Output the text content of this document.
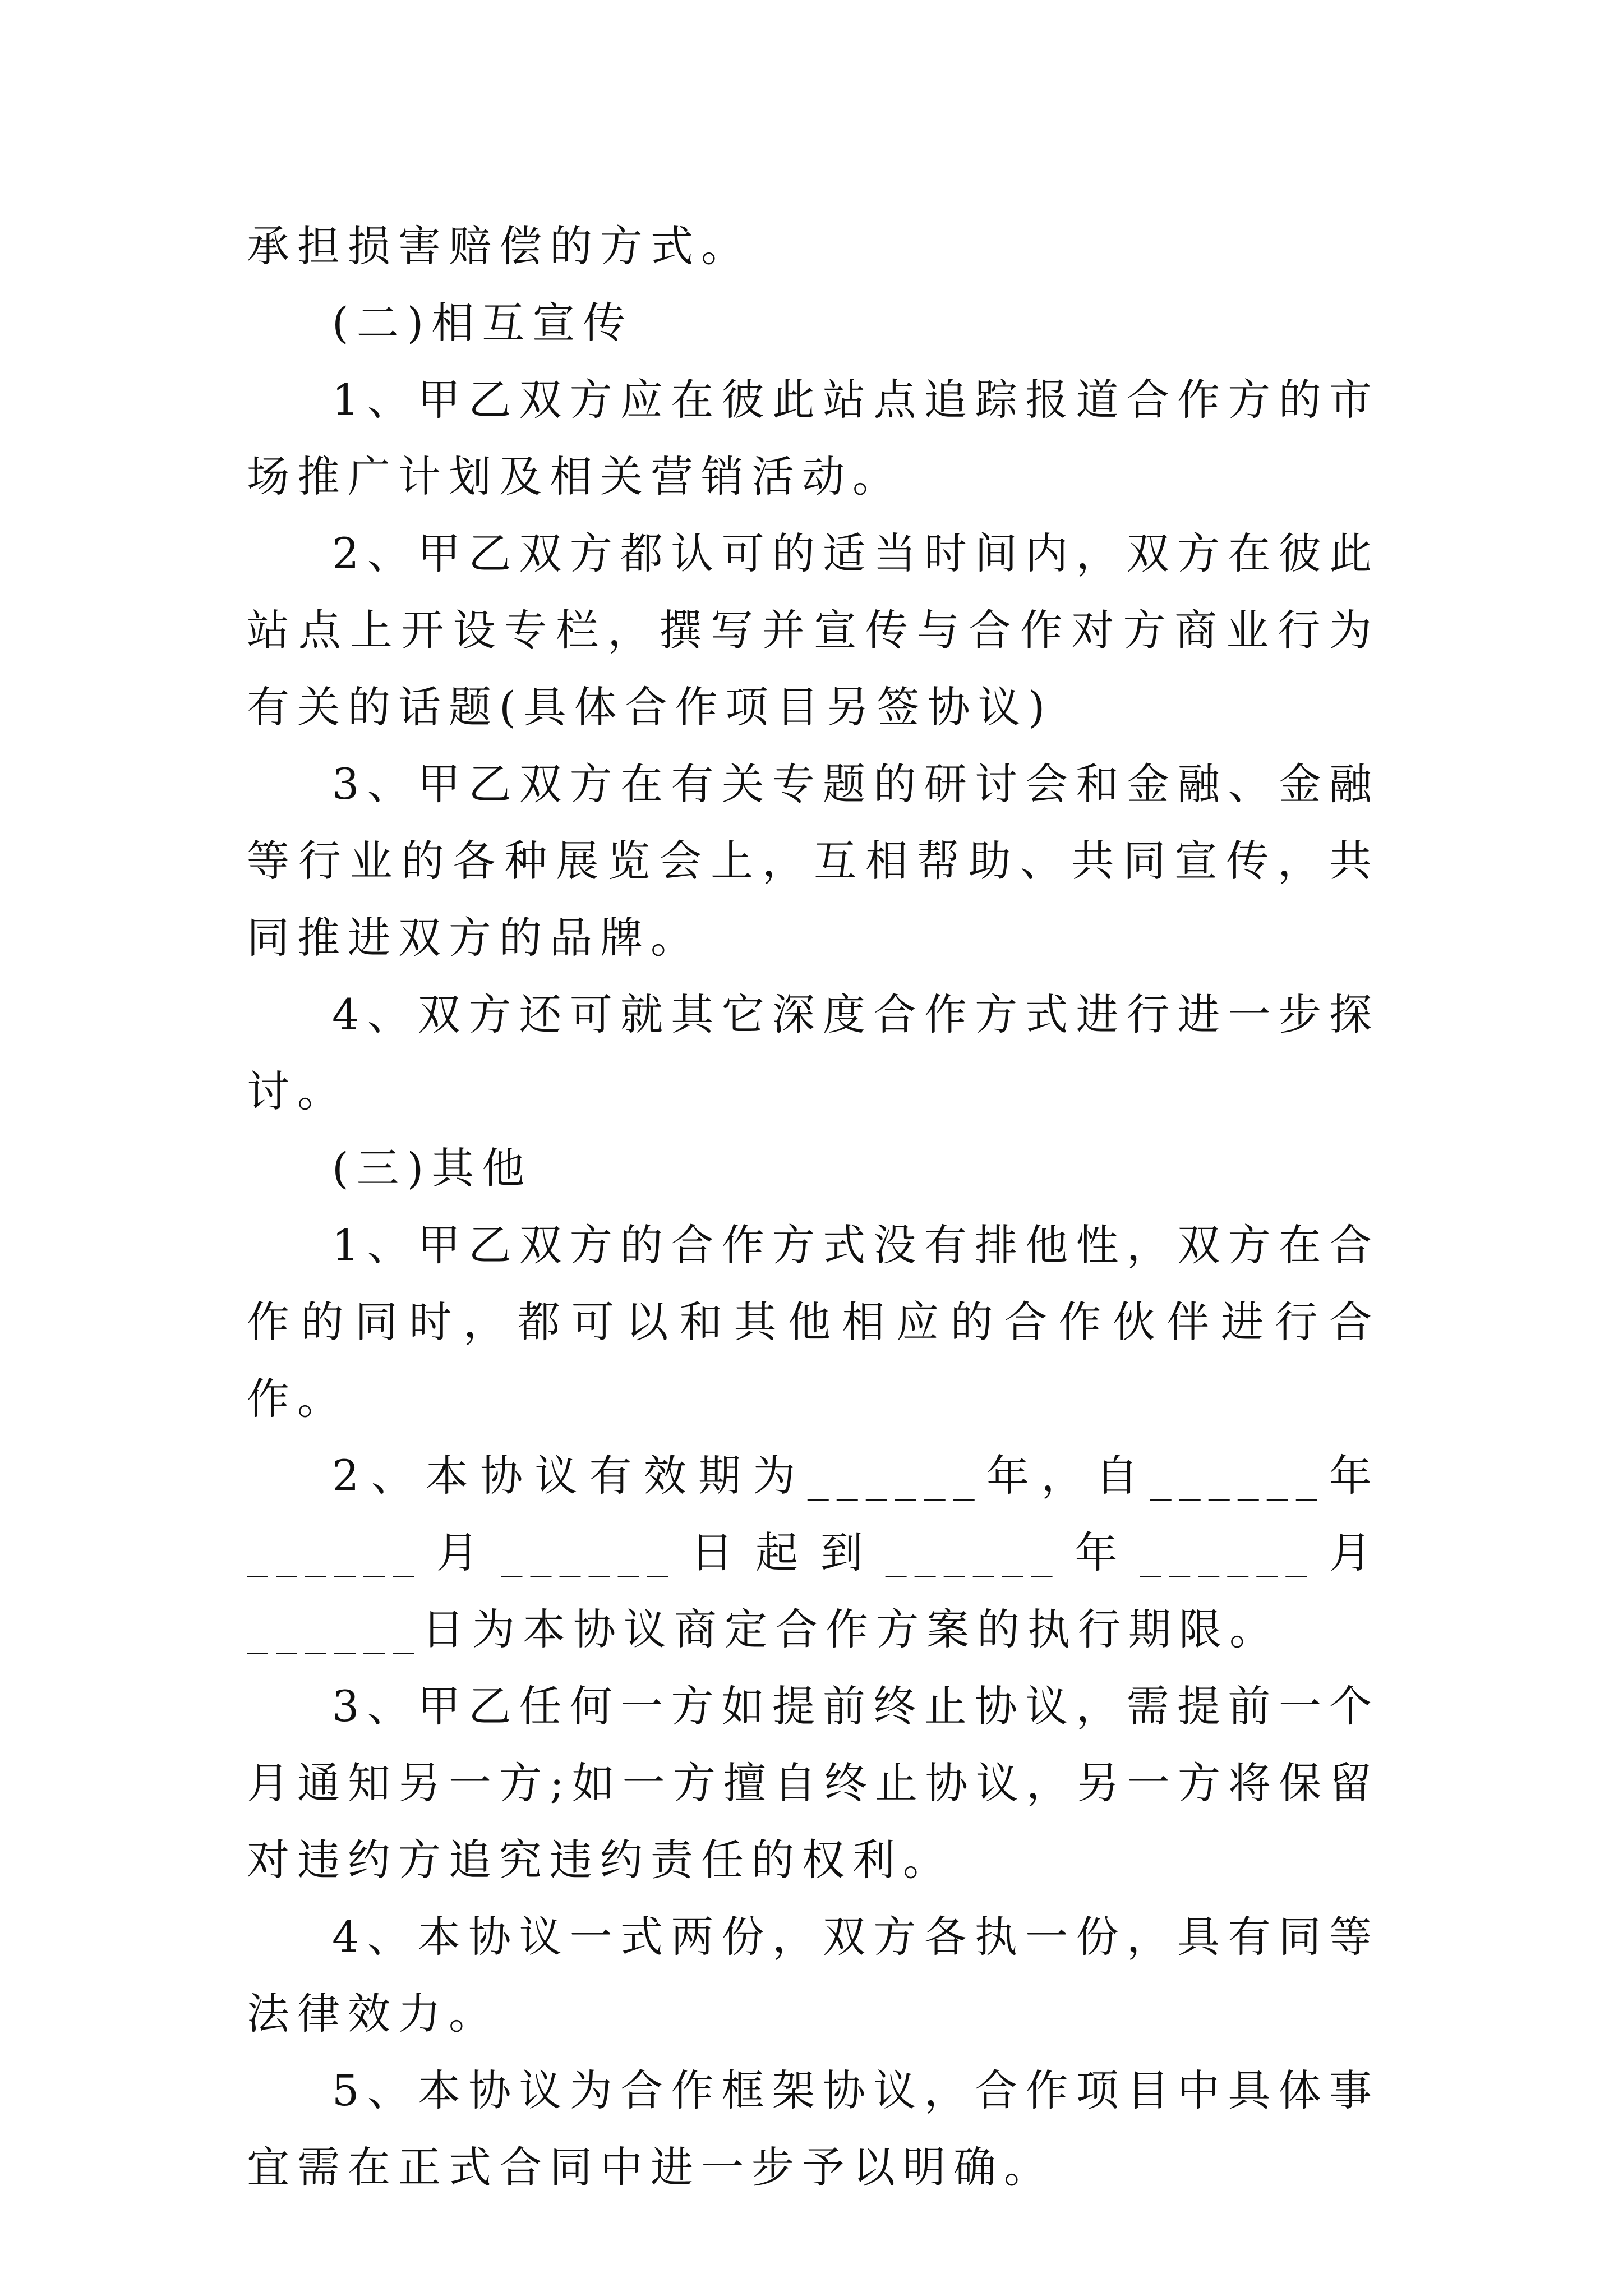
承担损害赔偿的方式。

(二)相互宣传

1、甲乙双方应在彼此站点追踪报道合作方的市场推广计划及相关营销活动。

2、甲乙双方都认可的适当时间内，双方在彼此站点上开设专栏，撰写并宣传与合作对方商业行为有关的话题(具体合作项目另签协议)

3、甲乙双方在有关专题的研讨会和金融、金融等行业的各种展览会上，互相帮助、共同宣传，共同推进双方的品牌。

4、双方还可就其它深度合作方式进行进一步探讨。

(三)其他

1、甲乙双方的合作方式没有排他性，双方在合作的同时，都可以和其他相应的合作伙伴进行合作。

2、本协议有效期为______年，自______年______月______日起到______年______月______日为本协议商定合作方案的执行期限。

3、甲乙任何一方如提前终止协议，需提前一个月通知另一方;如一方擅自终止协议，另一方将保留对违约方追究违约责任的权利。

4、本协议一式两份，双方各执一份，具有同等法律效力。

5、本协议为合作框架协议，合作项目中具体事宜需在正式合同中进一步予以明确。
